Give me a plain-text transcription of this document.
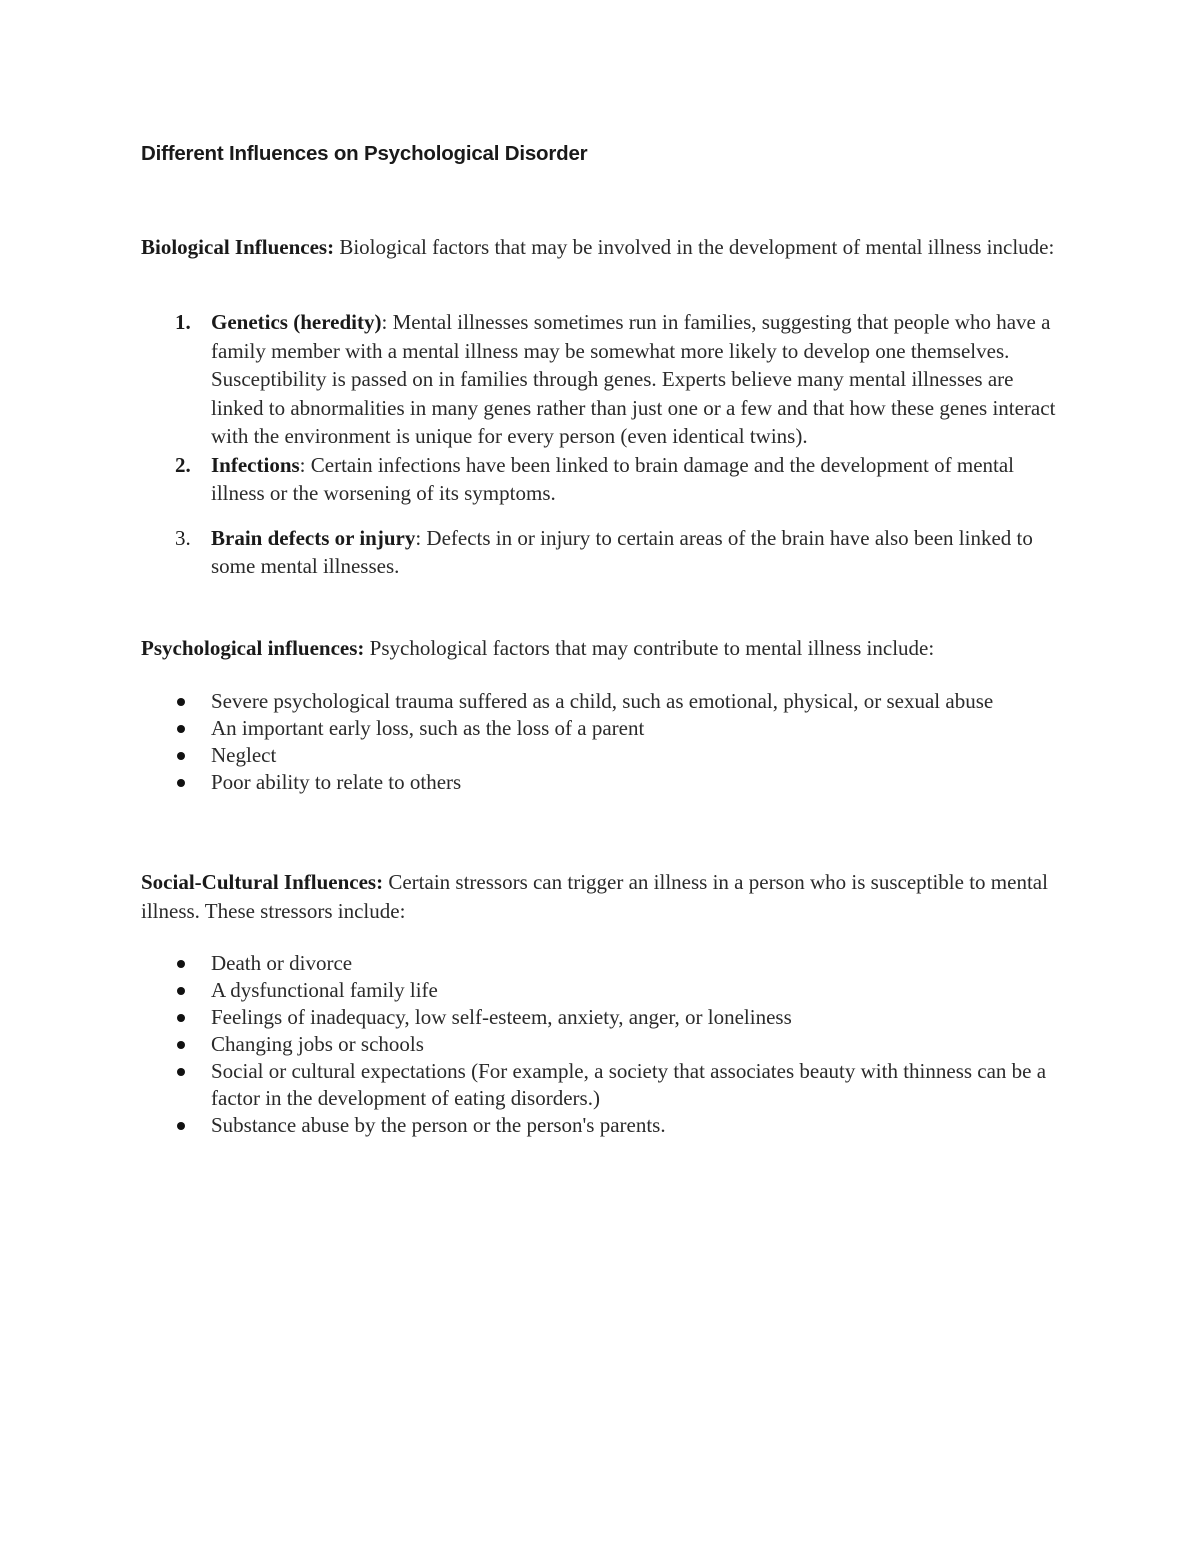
Different Influences on Psychological Disorder

Biological Influences: Biological factors that may be involved in the development of mental illness include:

1. Genetics (heredity): Mental illnesses sometimes run in families, suggesting that people who have a family member with a mental illness may be somewhat more likely to develop one themselves. Susceptibility is passed on in families through genes. Experts believe many mental illnesses are linked to abnormalities in many genes rather than just one or a few and that how these genes interact with the environment is unique for every person (even identical twins).
2. Infections: Certain infections have been linked to brain damage and the development of mental illness or the worsening of its symptoms.
3. Brain defects or injury: Defects in or injury to certain areas of the brain have also been linked to some mental illnesses.

Psychological influences: Psychological factors that may contribute to mental illness include:

Severe psychological trauma suffered as a child, such as emotional, physical, or sexual abuse
An important early loss, such as the loss of a parent
Neglect
Poor ability to relate to others

Social-Cultural Influences: Certain stressors can trigger an illness in a person who is susceptible to mental illness. These stressors include:

Death or divorce
A dysfunctional family life
Feelings of inadequacy, low self-esteem, anxiety, anger, or loneliness
Changing jobs or schools
Social or cultural expectations (For example, a society that associates beauty with thinness can be a factor in the development of eating disorders.)
Substance abuse by the person or the person's parents.
